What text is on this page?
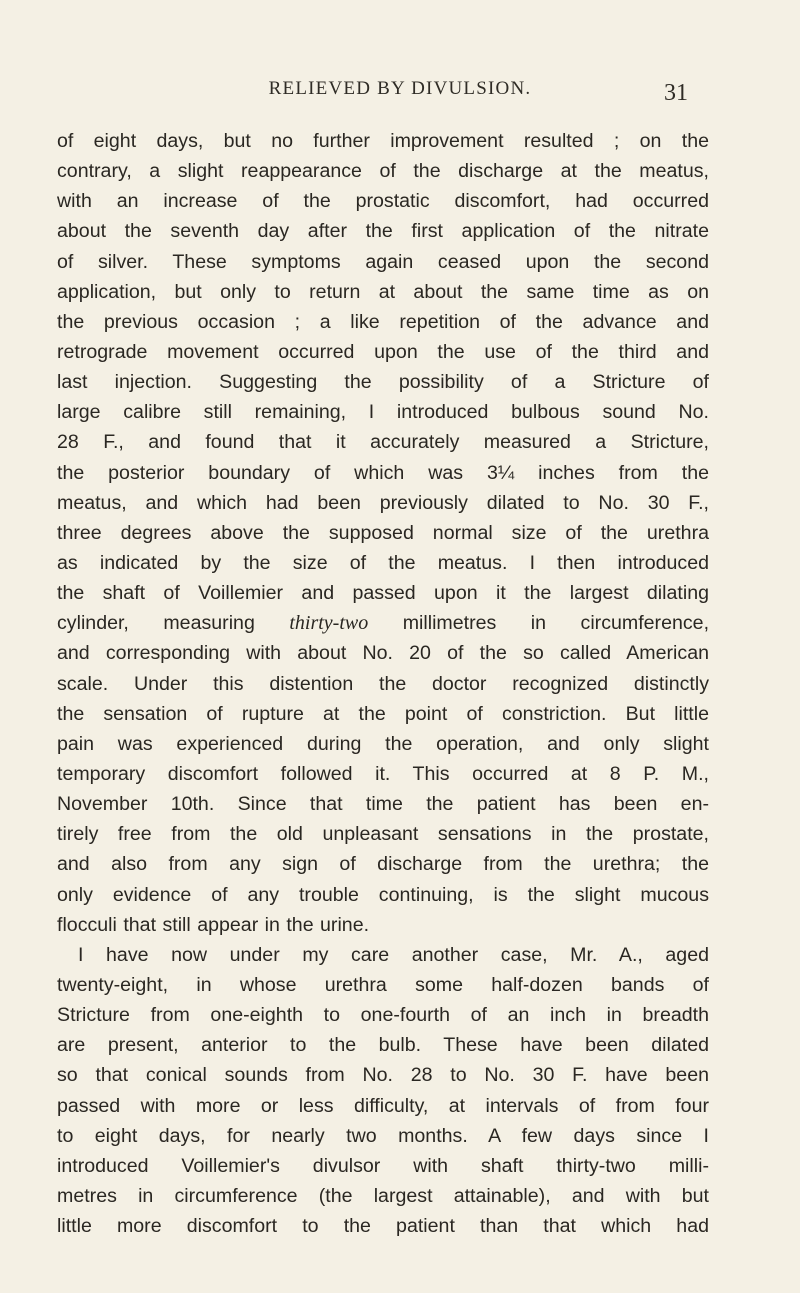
RELIEVED BY DIVULSION.	31
of eight days, but no further improvement resulted ; on the
contrary, a slight reappearance of the discharge at the meatus,
with an increase of the prostatic discomfort, had occurred
about the seventh day after the first application of the nitrate
of silver. These symptoms again ceased upon the second
application, but only to return at about the same time as on
the previous occasion ; a like repetition of the advance and
retrograde movement occurred upon the use of the third and
last injection. Suggesting the possibility of a Stricture of
large calibre still remaining, I introduced bulbous sound No.
28 F., and found that it accurately measured a Stricture,
the posterior boundary of which was 3¼ inches from the
meatus, and which had been previously dilated to No. 30 F.,
three degrees above the supposed normal size of the urethra
as indicated by the size of the meatus. I then introduced
the shaft of Voillemier and passed upon it the largest dilating
cylinder, measuring thirty-two millimetres in circumference,
and corresponding with about No. 20 of the so called American
scale. Under this distention the doctor recognized distinctly
the sensation of rupture at the point of constriction. But little
pain was experienced during the operation, and only slight
temporary discomfort followed it. This occurred at 8 P. M.,
November 10th. Since that time the patient has been en-
tirely free from the old unpleasant sensations in the prostate,
and also from any sign of discharge from the urethra; the
only evidence of any trouble continuing, is the slight mucous
flocculi that still appear in the urine.
I have now under my care another case, Mr. A., aged
twenty-eight, in whose urethra some half-dozen bands of
Stricture from one-eighth to one-fourth of an inch in breadth
are present, anterior to the bulb. These have been dilated
so that conical sounds from No. 28 to No. 30 F. have been
passed with more or less difficulty, at intervals of from four
to eight days, for nearly two months. A few days since I
introduced Voillemier's divulsor with shaft thirty-two milli-
metres in circumference (the largest attainable), and with but
little more discomfort to the patient than that which had
